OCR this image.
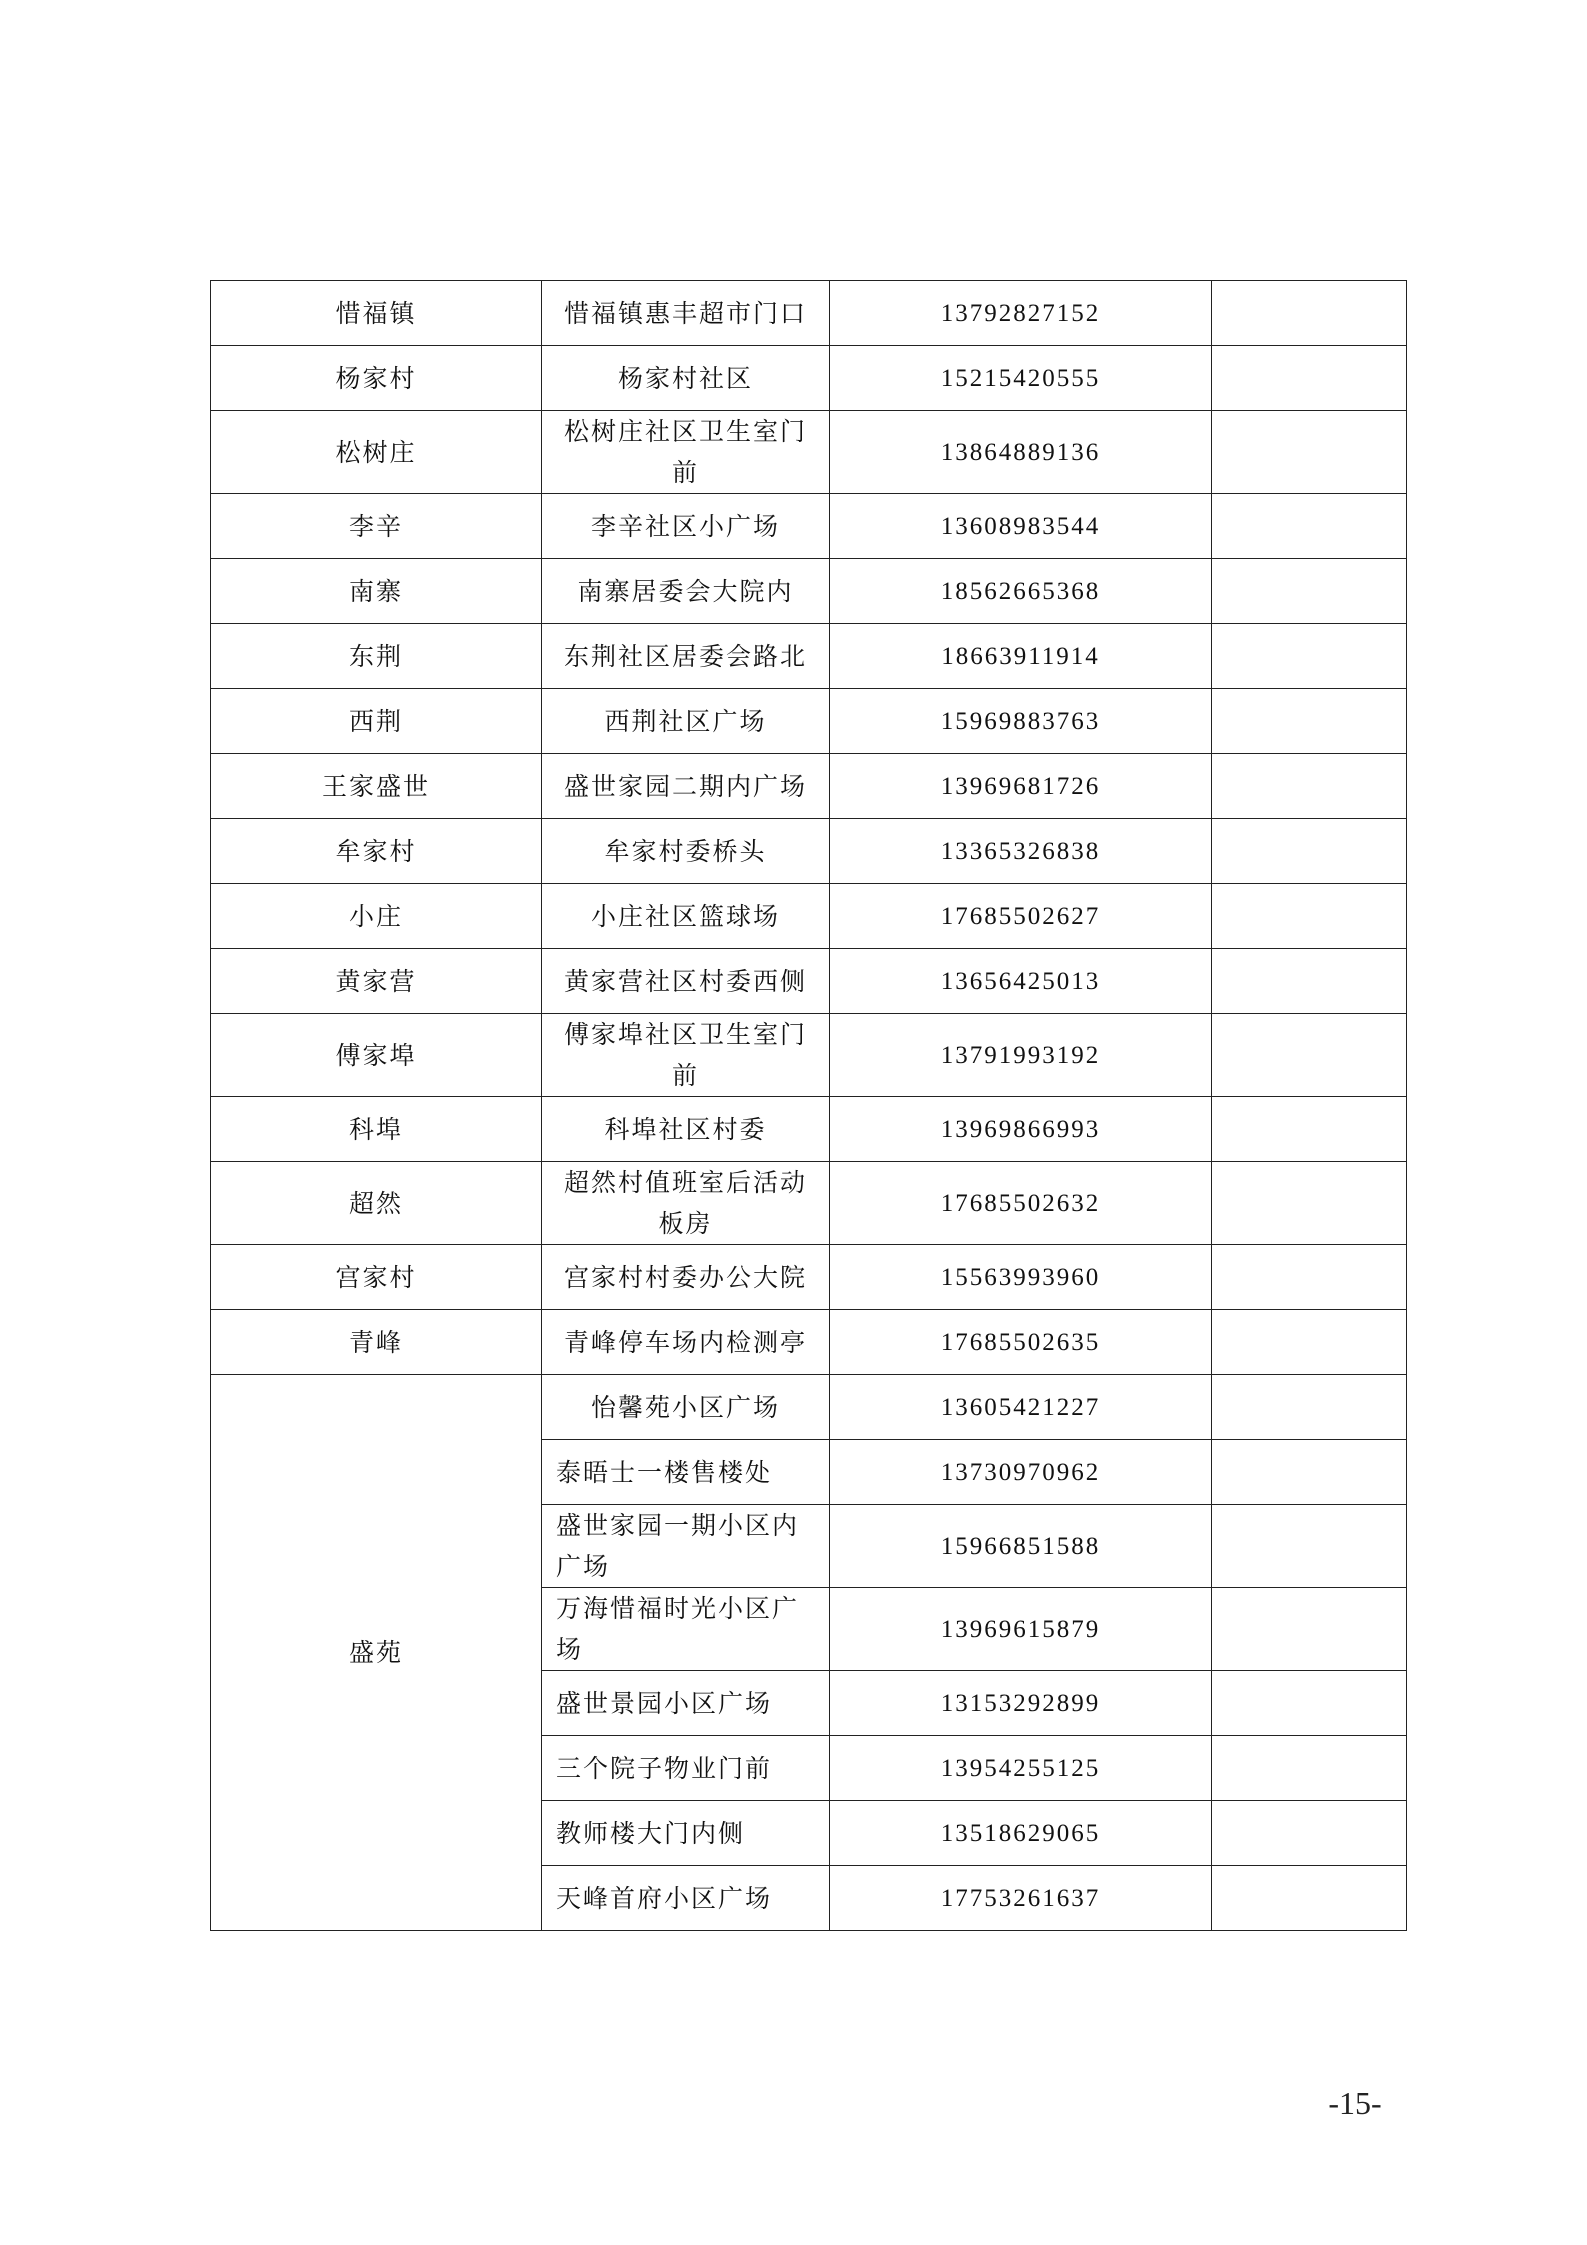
惜福镇	惜福镇惠丰超市门口	13792827152	
杨家村	杨家村社区	15215420555	
松树庄	松树庄社区卫生室门前	13864889136	
李辛	李辛社区小广场	13608983544	
南寨	南寨居委会大院内	18562665368	
东荆	东荆社区居委会路北	18663911914	
西荆	西荆社区广场	15969883763	
王家盛世	盛世家园二期内广场	13969681726	
牟家村	牟家村委桥头	13365326838	
小庄	小庄社区篮球场	17685502627	
黄家营	黄家营社区村委西侧	13656425013	
傅家埠	傅家埠社区卫生室门前	13791993192	
科埠	科埠社区村委	13969866993	
超然	超然村值班室后活动板房	17685502632	
宫家村	宫家村村委办公大院	15563993960	
青峰	青峰停车场内检测亭	17685502635	
盛苑	怡馨苑小区广场	13605421227	
	泰晤士一楼售楼处	13730970962	
	盛世家园一期小区内广场	15966851588	
	万海惜福时光小区广场	13969615879	
	盛世景园小区广场	13153292899	
	三个院子物业门前	13954255125	
	教师楼大门内侧	13518629065	
	天峰首府小区广场	17753261637	
-15-
